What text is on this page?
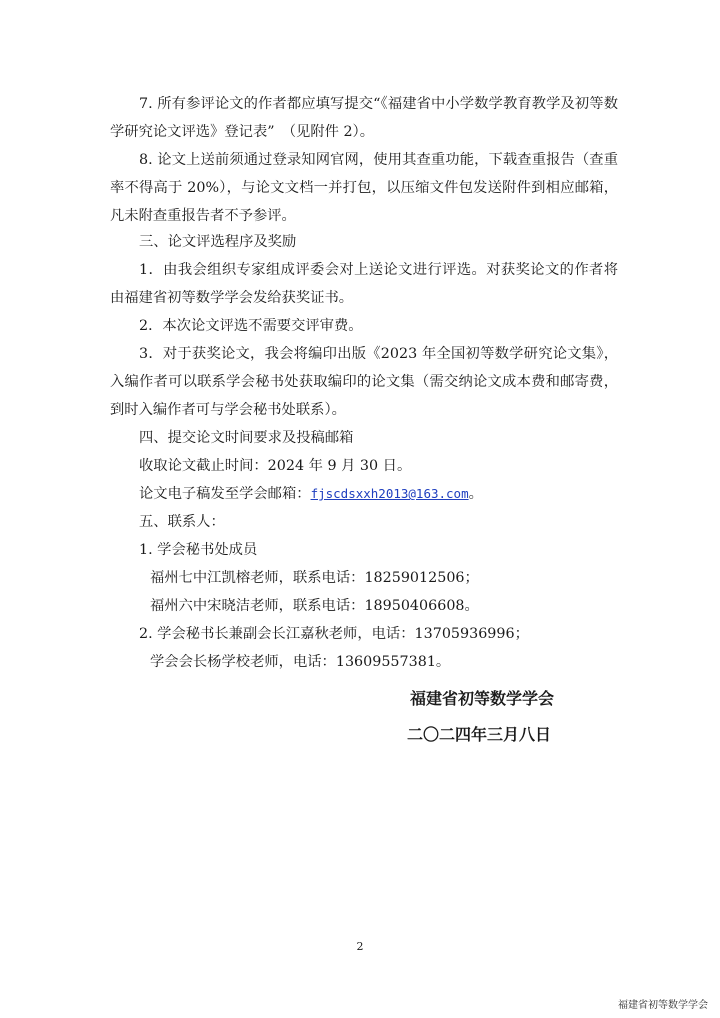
7. 所有参评论文的作者都应填写提交“《福建省中小学数学教育教学及初等数学研究论文评选》登记表”　（见附件 2）。

8. 论文上送前须通过登录知网官网，使用其查重功能，下载查重报告（查重率不得高于 20%），与论文文档一并打包，以压缩文件包发送附件到相应邮箱，凡未附查重报告者不予参评。

三、论文评选程序及奖励

1．由我会组织专家组成评委会对上送论文进行评选。对获奖论文的作者将由福建省初等数学学会发给获奖证书。

2．本次论文评选不需要交评审费。

3．对于获奖论文，我会将编印出版《2023 年全国初等数学研究论文集》，入编作者可以联系学会秘书处获取编印的论文集（需交纳论文成本费和邮寄费，到时入编作者可与学会秘书处联系）。

四、提交论文时间要求及投稿邮箱

收取论文截止时间：2024 年 9 月 30 日。

论文电子稿发至学会邮箱：fjscdsxxh2013@163.com。

五、联系人：

1. 学会秘书处成员

福州七中江凯榕老师，联系电话：18259012506；

福州六中宋晓洁老师，联系电话：18950406608。

2. 学会秘书长兼副会长江嘉秋老师，电话：13705936996；

学会会长杨学校老师，电话：13609557381。

福建省初等数学学会

二〇二四年三月八日

2
福建省初等数学学会
